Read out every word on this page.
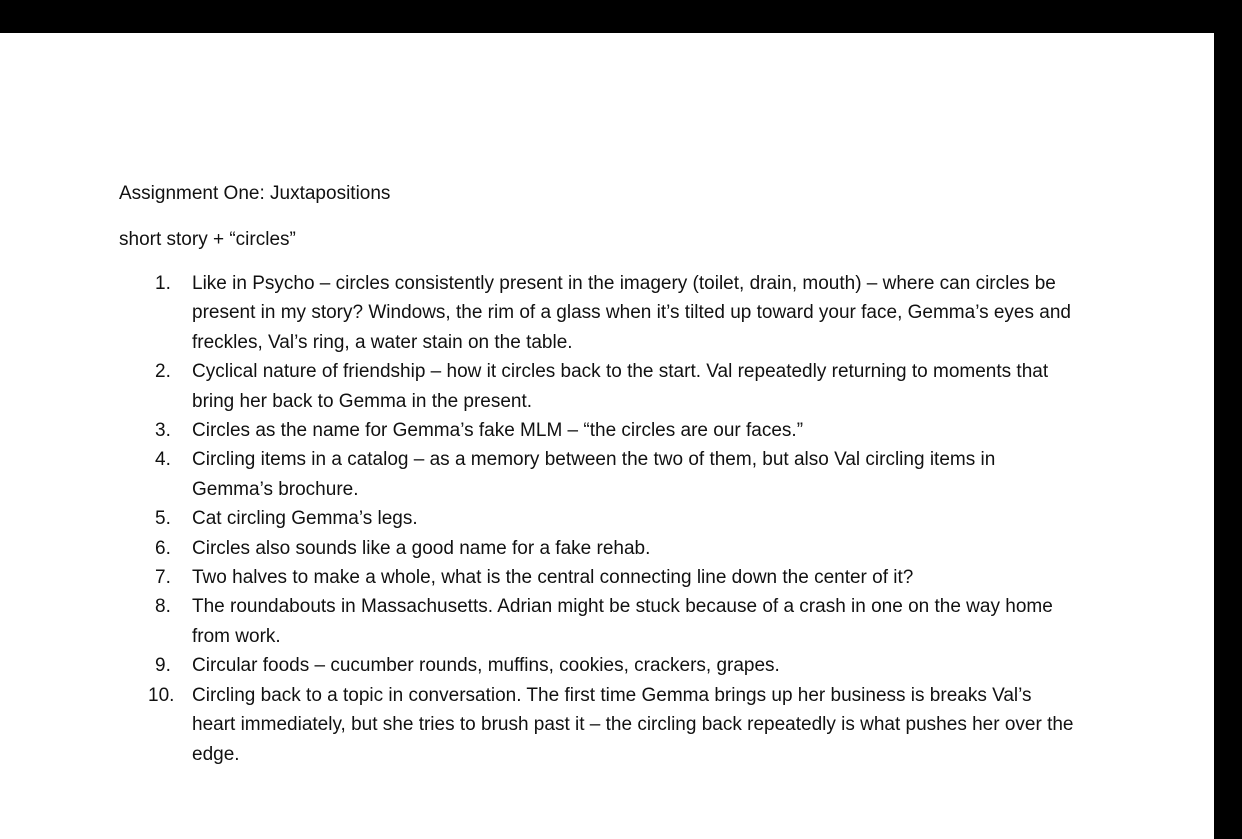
Assignment One: Juxtapositions
short story + “circles”
1.	Like in Psycho – circles consistently present in the imagery (toilet, drain, mouth) – where can circles be present in my story? Windows, the rim of a glass when it’s tilted up toward your face, Gemma’s eyes and freckles, Val’s ring, a water stain on the table.
2.	Cyclical nature of friendship – how it circles back to the start. Val repeatedly returning to moments that bring her back to Gemma in the present.
3.	Circles as the name for Gemma’s fake MLM – “the circles are our faces.”
4.	Circling items in a catalog – as a memory between the two of them, but also Val circling items in Gemma’s brochure.
5.	Cat circling Gemma’s legs.
6.	Circles also sounds like a good name for a fake rehab.
7.	Two halves to make a whole, what is the central connecting line down the center of it?
8.	The roundabouts in Massachusetts. Adrian might be stuck because of a crash in one on the way home from work.
9.	Circular foods – cucumber rounds, muffins, cookies, crackers, grapes.
10. Circling back to a topic in conversation. The first time Gemma brings up her business is breaks Val’s heart immediately, but she tries to brush past it – the circling back repeatedly is what pushes her over the edge.
